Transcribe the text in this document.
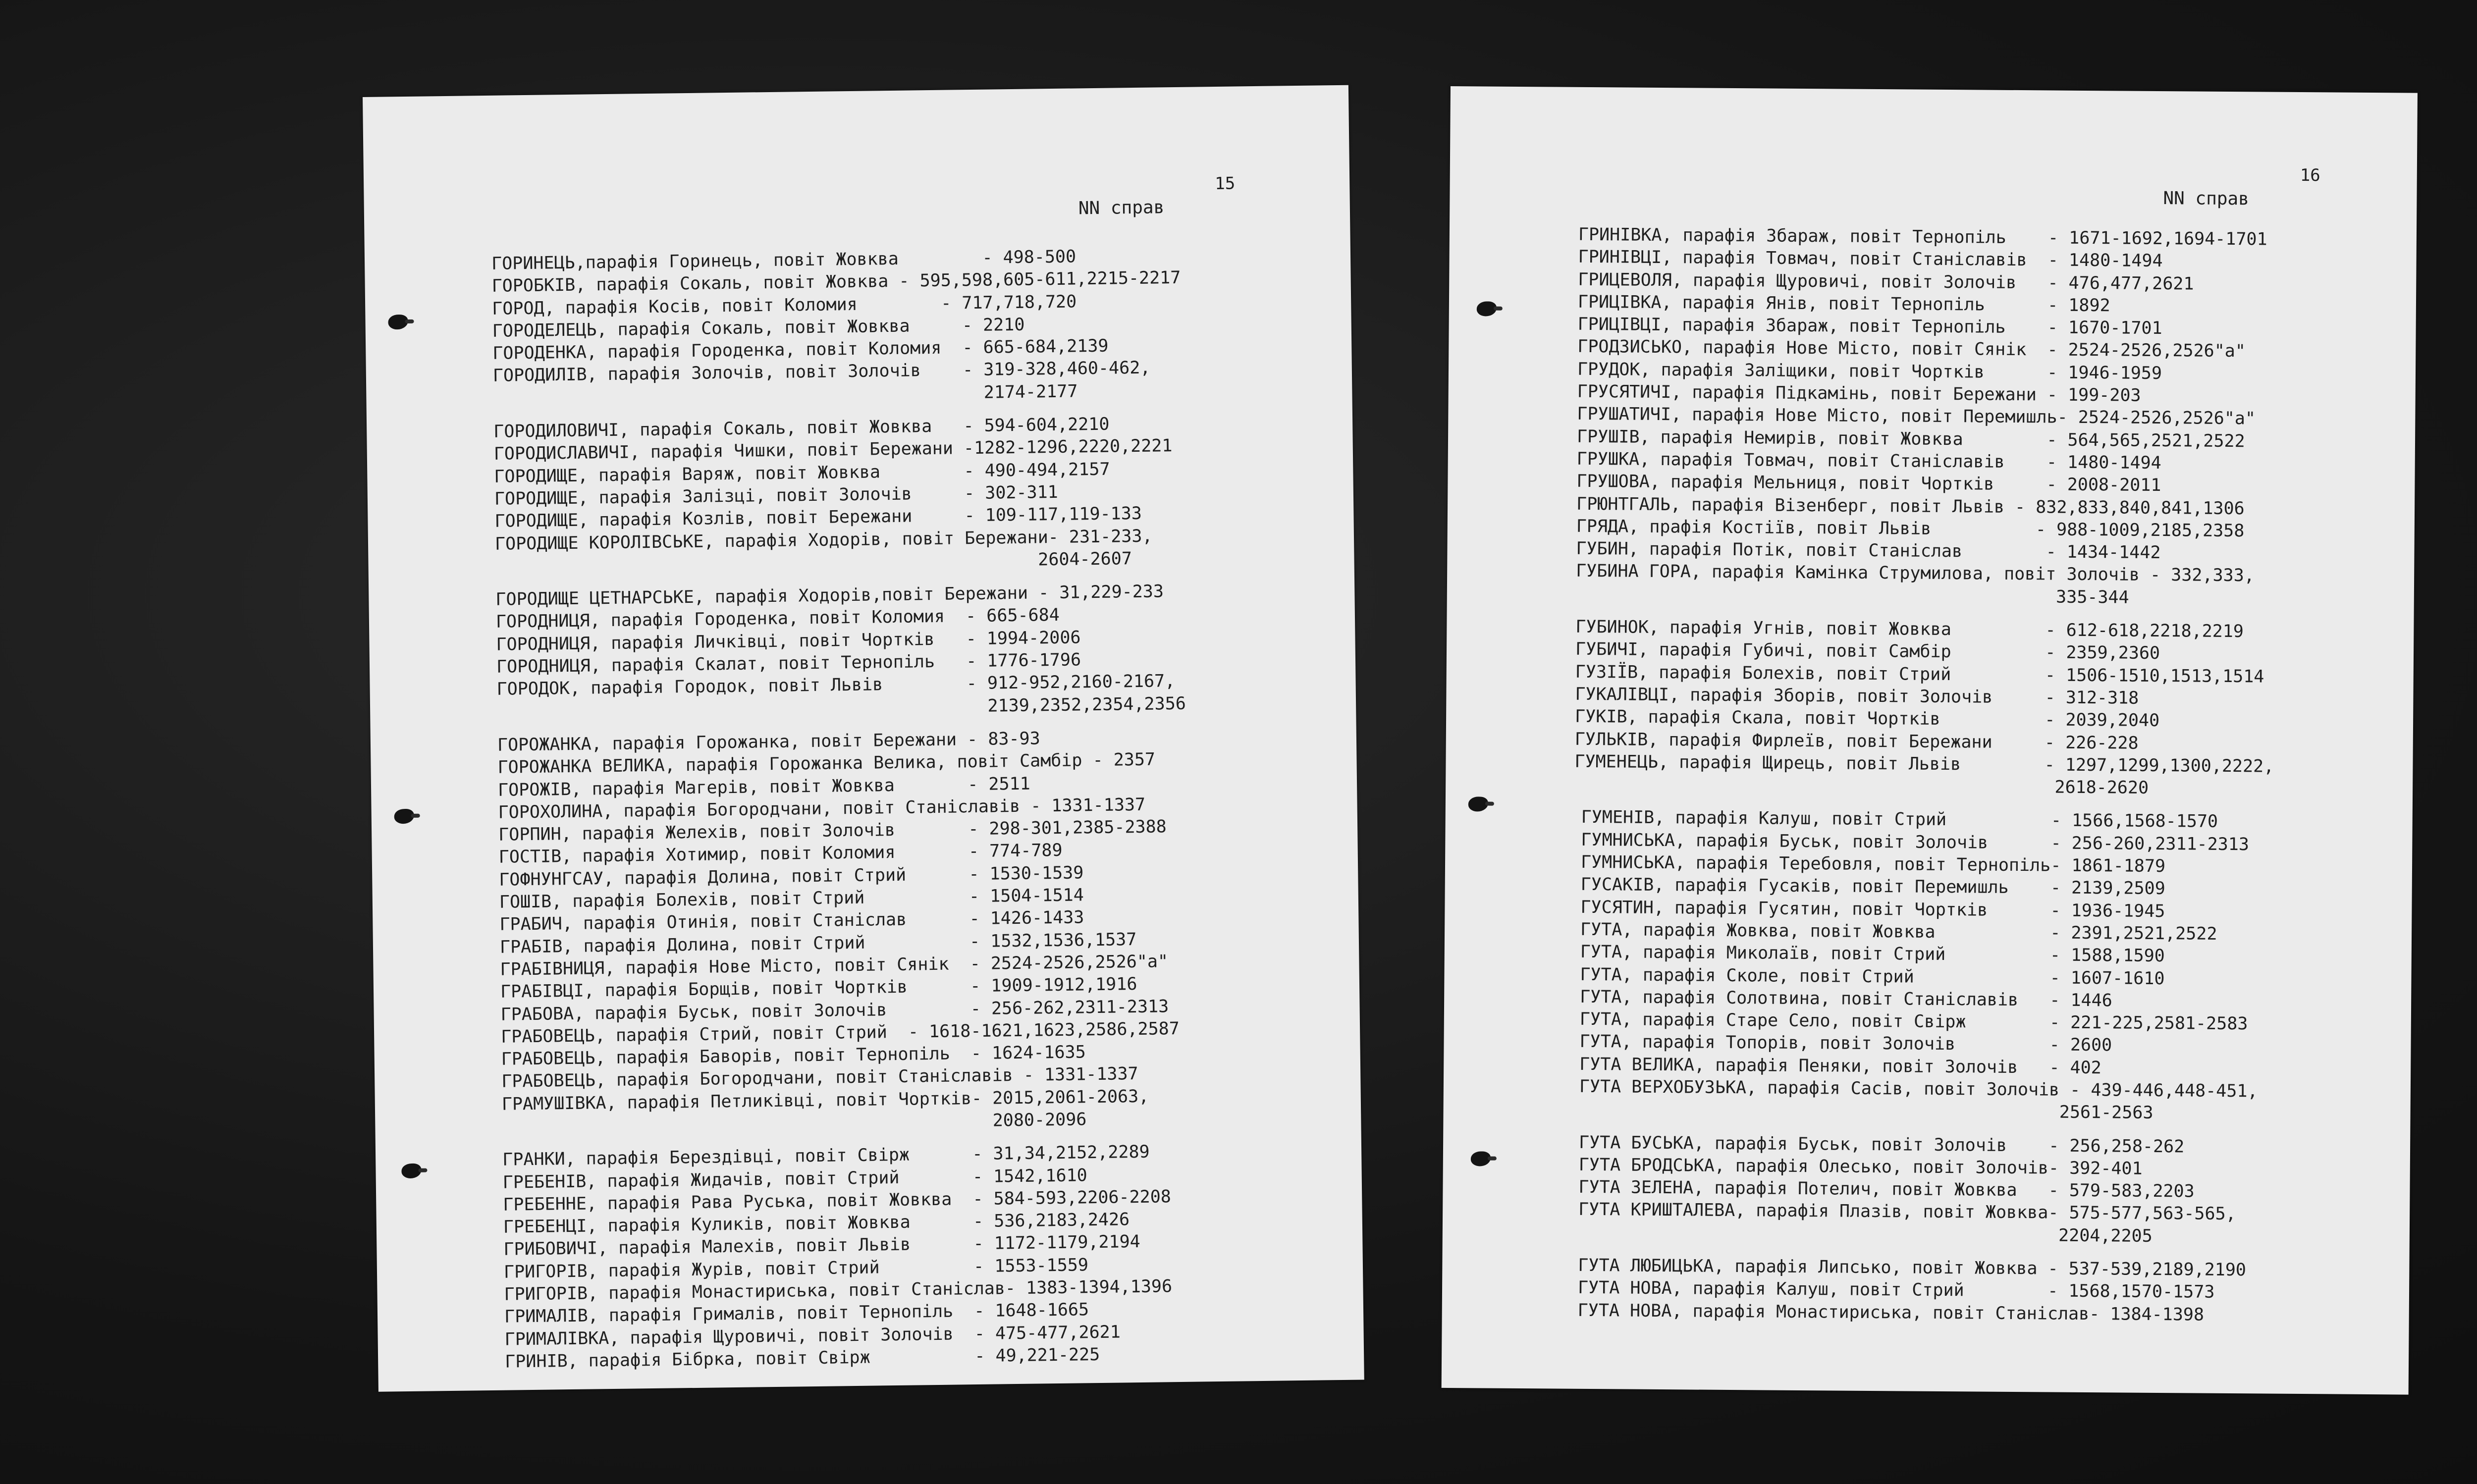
15
NN справ
ГОРИНЕЦЬ,парафія Горинець, повіт Жовква        - 498-500
ГОРОБКІВ, парафія Сокаль, повіт Жовква - 595,598,605-611,2215-2217
ГОРОД, парафія Косів, повіт Коломия        - 717,718,720
ГОРОДЕЛЕЦЬ, парафія Сокаль, повіт Жовква     - 2210
ГОРОДЕНКА, парафія Городенка, повіт Коломия  - 665-684,2139
ГОРОДИЛІВ, парафія Золочів, повіт Золочів    - 319-328,460-462,
2174-2177
ГОРОДИЛОВИЧІ, парафія Сокаль, повіт Жовква   - 594-604,2210
ГОРОДИСЛАВИЧІ, парафія Чишки, повіт Бережани -1282-1296,2220,2221
ГОРОДИЩЕ, парафія Варяж, повіт Жовква        - 490-494,2157
ГОРОДИЩЕ, парафія Залізці, повіт Золочів     - 302-311
ГОРОДИЩЕ, парафія Козлів, повіт Бережани     - 109-117,119-133
ГОРОДИЩЕ КОРОЛІВСЬКЕ, парафія Ходорів, повіт Бережани- 231-233,
2604-2607
ГОРОДИЩЕ ЦЕТНАРСЬКЕ, парафія Ходорів,повіт Бережани - 31,229-233
ГОРОДНИЦЯ, парафія Городенка, повіт Коломия  - 665-684
ГОРОДНИЦЯ, парафія Личківці, повіт Чортків   - 1994-2006
ГОРОДНИЦЯ, парафія Скалат, повіт Тернопіль   - 1776-1796
ГОРОДОК, парафія Городок, повіт Львів        - 912-952,2160-2167,
2139,2352,2354,2356
ГОРОЖАНКА, парафія Горожанка, повіт Бережани - 83-93
ГОРОЖАНКА ВЕЛИКА, парафія Горожанка Велика, повіт Самбір - 2357
ГОРОЖІВ, парафія Магерів, повіт Жовква       - 2511
ГОРОХОЛИНА, парафія Богородчани, повіт Станіславів - 1331-1337
ГОРПИН, парафія Желехів, повіт Золочів       - 298-301,2385-2388
ГОСТІВ, парафія Хотимир, повіт Коломия       - 774-789
ГОФНУНГСАУ, парафія Долина, повіт Стрий      - 1530-1539
ГОШІВ, парафія Болехів, повіт Стрий          - 1504-1514
ГРАБИЧ, парафія Отинія, повіт Станіслав      - 1426-1433
ГРАБІВ, парафія Долина, повіт Стрий          - 1532,1536,1537
ГРАБІВНИЦЯ, парафія Нове Місто, повіт Сянік  - 2524-2526,2526"а"
ГРАБІВЦІ, парафія Борщів, повіт Чортків      - 1909-1912,1916
ГРАБОВА, парафія Буськ, повіт Золочів        - 256-262,2311-2313
ГРАБОВЕЦЬ, парафія Стрий, повіт Стрий  - 1618-1621,1623,2586,2587
ГРАБОВЕЦЬ, парафія Баворів, повіт Тернопіль  - 1624-1635
ГРАБОВЕЦЬ, парафія Богородчани, повіт Станіславів - 1331-1337
ГРАМУШІВКА, парафія Петликівці, повіт Чортків- 2015,2061-2063,
2080-2096
ГРАНКИ, парафія Берездівці, повіт Свірж      - 31,34,2152,2289
ГРЕБЕНІВ, парафія Жидачів, повіт Стрий       - 1542,1610
ГРЕБЕННЕ, парафія Рава Руська, повіт Жовква  - 584-593,2206-2208
ГРЕБЕНЦІ, парафія Куликів, повіт Жовква      - 536,2183,2426
ГРИБОВИЧІ, парафія Малехів, повіт Львів      - 1172-1179,2194
ГРИГОРІВ, парафія Журів, повіт Стрий         - 1553-1559
ГРИГОРІВ, парафія Монастириська, повіт Станіслав- 1383-1394,1396
ГРИМАЛІВ, парафія Грималів, повіт Тернопіль  - 1648-1665
ГРИМАЛІВКА, парафія Щуровичі, повіт Золочів  - 475-477,2621
ГРИНІВ, парафія Бібрка, повіт Свірж          - 49,221-225
16
NN справ
ГРИНІВКА, парафія Збараж, повіт Тернопіль    - 1671-1692,1694-1701
ГРИНІВЦІ, парафія Товмач, повіт Станіславів  - 1480-1494
ГРИЦЕВОЛЯ, парафія Щуровичі, повіт Золочів   - 476,477,2621
ГРИЦІВКА, парафія Янів, повіт Тернопіль      - 1892
ГРИЦІВЦІ, парафія Збараж, повіт Тернопіль    - 1670-1701
ГРОДЗИСЬКО, парафія Нове Місто, повіт Сянік  - 2524-2526,2526"а"
ГРУДОК, парафія Заліщики, повіт Чортків      - 1946-1959
ГРУСЯТИЧІ, парафія Підкамінь, повіт Бережани - 199-203
ГРУШАТИЧІ, парафія Нове Місто, повіт Перемишль- 2524-2526,2526"а"
ГРУШІВ, парафія Немирів, повіт Жовква        - 564,565,2521,2522
ГРУШКА, парафія Товмач, повіт Станіславів    - 1480-1494
ГРУШОВА, парафія Мельниця, повіт Чортків     - 2008-2011
ГРЮНТГАЛЬ, парафія Візенберг, повіт Львів - 832,833,840,841,1306
ГРЯДА, прафія Костіїв, повіт Львів          - 988-1009,2185,2358
ГУБИН, парафія Потік, повіт Станіслав        - 1434-1442
ГУБИНА ГОРА, парафія Камінка Струмилова, повіт Золочів - 332,333,
335-344
ГУБИНОК, парафія Угнів, повіт Жовква         - 612-618,2218,2219
ГУБИЧІ, парафія Губичі, повіт Самбір         - 2359,2360
ГУЗІЇВ, парафія Болехів, повіт Стрий         - 1506-1510,1513,1514
ГУКАЛІВЦІ, парафія Зборів, повіт Золочів     - 312-318
ГУКІВ, парафія Скала, повіт Чортків          - 2039,2040
ГУЛЬКІВ, парафія Фирлеїв, повіт Бережани     - 226-228
ГУМЕНЕЦЬ, парафія Щирець, повіт Львів        - 1297,1299,1300,2222,
2618-2620
ГУМЕНІВ, парафія Калуш, повіт Стрий          - 1566,1568-1570
ГУМНИСЬКА, парафія Буськ, повіт Золочів      - 256-260,2311-2313
ГУМНИСЬКА, парафія Теребовля, повіт Тернопіль- 1861-1879
ГУСАКІВ, парафія Гусаків, повіт Перемишль    - 2139,2509
ГУСЯТИН, парафія Гусятин, повіт Чортків      - 1936-1945
ГУТА, парафія Жовква, повіт Жовква           - 2391,2521,2522
ГУТА, парафія Миколаїв, повіт Стрий          - 1588,1590
ГУТА, парафія Сколе, повіт Стрий             - 1607-1610
ГУТА, парафія Солотвина, повіт Станіславів   - 1446
ГУТА, парафія Старе Село, повіт Свірж        - 221-225,2581-2583
ГУТА, парафія Топорів, повіт Золочів         - 2600
ГУТА ВЕЛИКА, парафія Пеняки, повіт Золочів   - 402
ГУТА ВЕРХОБУЗЬКА, парафія Сасів, повіт Золочів - 439-446,448-451,
2561-2563
ГУТА БУСЬКА, парафія Буськ, повіт Золочів    - 256,258-262
ГУТА БРОДСЬКА, парафія Олесько, повіт Золочів- 392-401
ГУТА ЗЕЛЕНА, парафія Потелич, повіт Жовква   - 579-583,2203
ГУТА КРИШТАЛЕВА, парафія Плазів, повіт Жовква- 575-577,563-565,
2204,2205
ГУТА ЛЮБИЦЬКА, парафія Липсько, повіт Жовква - 537-539,2189,2190
ГУТА НОВА, парафія Калуш, повіт Стрий        - 1568,1570-1573
ГУТА НОВА, парафія Монастириська, повіт Станіслав- 1384-1398
